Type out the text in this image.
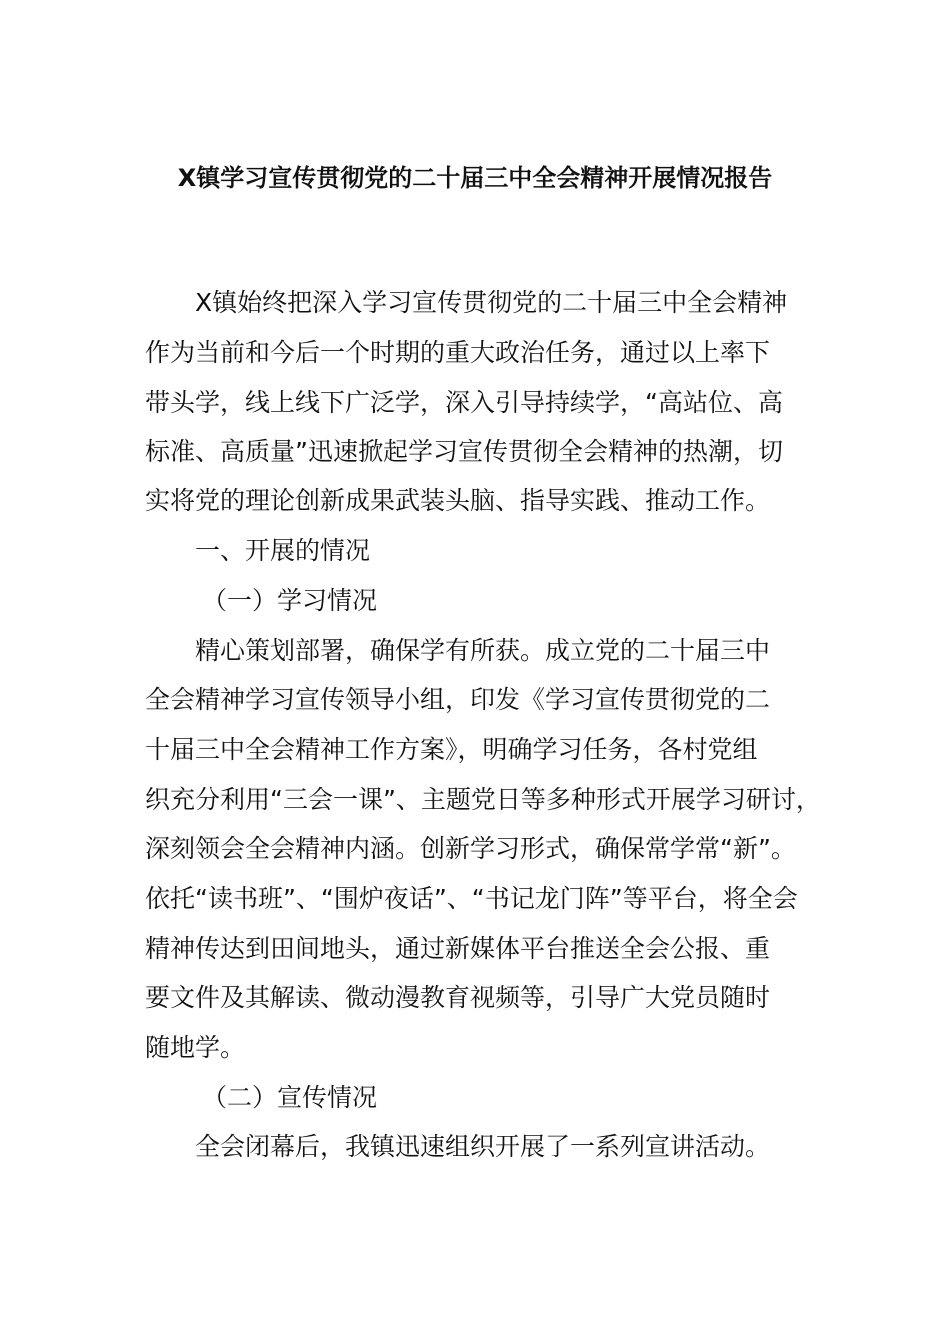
X镇学习宣传贯彻党的二十届三中全会精神开展情况报告
X镇始终把深入学习宣传贯彻党的二十届三中全会精神
作为当前和今后一个时期的重大政治任务，通过以上率下
带头学，线上线下广泛学，深入引导持续学，“高站位、高
标准、高质量”迅速掀起学习宣传贯彻全会精神的热潮，切
实将党的理论创新成果武装头脑、指导实践、推动工作。
一、开展的情况
（一）学习情况
精心策划部署，确保学有所获。成立党的二十届三中
全会精神学习宣传领导小组，印发《学习宣传贯彻党的二
十届三中全会精神工作方案》，明确学习任务，各村党组
织充分利用“三会一课”、主题党日等多种形式开展学习研讨，
深刻领会全会精神内涵。创新学习形式，确保常学常“新”。
依托“读书班”、“围炉夜话”、“书记龙门阵”等平台，将全会
精神传达到田间地头，通过新媒体平台推送全会公报、重
要文件及其解读、微动漫教育视频等，引导广大党员随时
随地学。
（二）宣传情况
全会闭幕后，我镇迅速组织开展了一系列宣讲活动。
